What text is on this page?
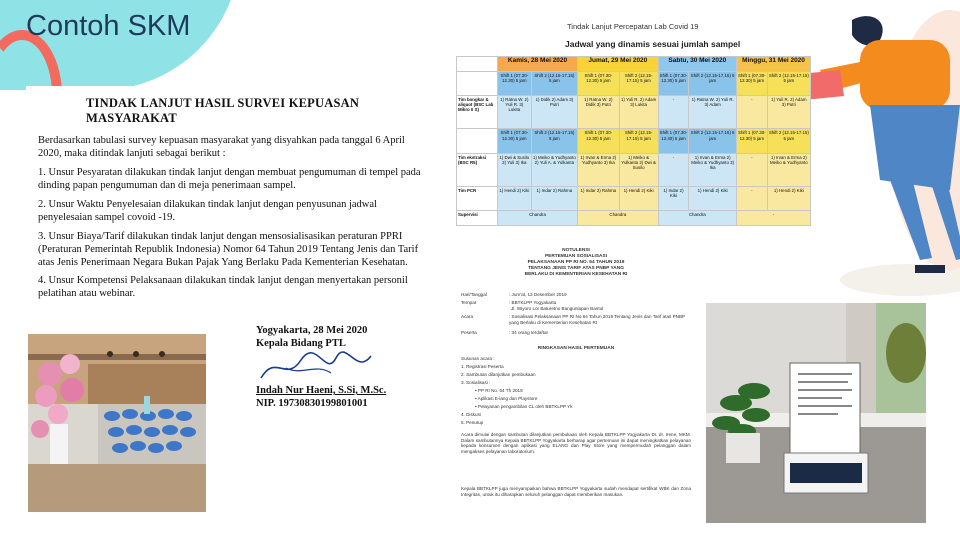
Contoh SKM
TINDAK LANJUT HASIL SURVEI KEPUASAN MASYARAKAT

Berdasarkan tabulasi survey kepuasan masyarakat yang disyahkan pada tanggal 6 April 2020, maka ditindak lanjuti sebagai berikut :

1. Unsur Pesyaratan dilakukan tindak lanjut dengan membuat pengumuman di tempel pada dinding papan pengumuman dan di meja penerimaan sampel.

2. Unsur Waktu Penyelesaian dilakukan tindak lanjut dengan penyusunan jadwal penyelesaian sampel covoid -19.

3. Unsur Biaya/Tarif dilakukan tindak lanjut dengan mensosialisasikan peraturan PPRI (Peraturan Pemerintah Republik Indonesia) Nomor 64 Tahun 2019 Tentang Jenis dan Tarif atas Jenis Penerimaan Negara Bukan Pajak Yang Berlaku Pada Kementerian Kesehatan.

4. Unsur Kompetensi Pelaksanaan dilakukan tindak lanjut dengan menyertakan personil pelatihan atau webinar.

Yogyakarta, 28 Mei 2020
Kepala Bidang PTL
Indah Nur Haeni, S.Si, M.Sc.
NIP. 19730830199801001
Tindak Lanjut Percepatan Lab Covid 19
Jadwal yang dinamis sesuai jumlah sampel
	Kamis, 28 Mei 2020		Jumat, 29 Mei 2020		Sabtu, 30 Mei 2020		Minggu, 31 Mei 2020	
	Shift 1 (07.30-12.30) 5 jam	Shift 2 (12.15-17.15) 5 jam	Shift 1 (07.30-12.30) 5 jam	Shift 2 (12.15-17.15) 5 jam	Shift 1 (07.30-12.30) 5 jam	Shift 2 (12.15-17.15) 5 jam	Shift 1 (07.30-12.30) 5 jam	Shift 2 (12.15-17.15) 5 jam
Tim bongkar & aliquot (BSC Lab Mikro II S)	1) Ratna W. 2) Yuli R. 3) Lukita	1) Didik 2) Adam 3) Putri	1) Ratna W. 2) Didik 3) Putri	1) Yuli R. 2) Adam 3) Lukita	-	1) Ratna W. 2) Yuli R. 3) Adam	-	1) Yuli R. 2) Adam 3) Putri
	Shift 1 (07.30-12.30) 5 jam	Shift 2 (12.15-17.15) 5 jam	Shift 1 (07.30-12.30) 5 jam	Shift 2 (12.15-17.15) 5 jam	Shift 1 (07.30-12.30) 5 jam	Shift 2 (12.15-17.15) 5 jam	Shift 1 (07.30-12.30) 5 jam	Shift 2 (12.15-17.15) 5 jam
Tim ekstraksi (BSC R5)	1) Dwi & Susilo 2) Yuli 3) Ika	1) Meiko & Yudhyanto 2) Yuli A. & Yulkanta	1) Irvan & Erma 2) Yudhyanto 3) Ika	1) Meiko & Yulkanta 2) Dwi & Susilo	-	1) Irvan & Erma 2) Meiko & Yudhyanto 3) Ika	-	1) Irvan & Erma 2) Meiko & Yudhyanto
Tim PCR	1) Hendi 2) Kiki	1) Indar 2) Rahma	1) Indar 2) Rahma	1) Hendi 2) Kiki	1) Indar 2) Kiki	1) Hendi 2) Kiki	-	1) Hendi 2) Kiki
Supervisi	Chandra		Chandra		Chandra		-	
NOTULENSI
PERTEMUAN SOSIALISASI
PELAKSANAAN PP RI NO. 64 TAHUN 2019
TENTANG JENIS TARIF ATAS PNBP YANG
BERLAKU DI KEMENTERIAN KESEHATAN RI
Hari/Tanggal	: Jum'at, 13 Desember 2019
Tempat	: BBTKLPP Yogyakarta
Jl. Wiyoro Lor Baturetno Banguntapan Bantul
Acara	: Sosialisasi Pelaksanaan PP RI No.64 Tahun 2019 Tentang Jenis dan Tarif atas PNBP yang Berlaku di Kementerian Kesehatan RI
Peserta	: 34 orang terdaftar
RINGKASAN HASIL PERTEMUAN
Susunan acara :
1. Registrasi Peserta
2. Sambutan dilanjutkan pembukaan
3. Sosialisasi :
• PP RI No. 64 Th 2019
• Aplikasi E-lang dan Playstore
• Pelayanan pengambilan CL oleh BBTKLPP Yk
4. Diskusi
5. Penutup
Acara dimulai dengan sambutan dilanjutkan pembukaan oleh Kepala BBTKLPP Yogyakarta Dr. dr. Irene, MKM. Dalam sambutannya Kepala BBTKLPP Yogyakarta berharap agar pertemuan ini dapat meningkatkan pelayanan kepada konsumen dengan aplikasi yang ELANG dan Play Store yang mempermudah pelanggan dalam mengakses pelayanan laboratorium.
Kepala BBTKLPP juga menyampaikan bahwa BBTKLPP Yogyakarta sudah mendapat sertifikat WBK dan Zona Integritas, untuk itu diharapkan seluruh pelanggan dapat memberikan masukan.
